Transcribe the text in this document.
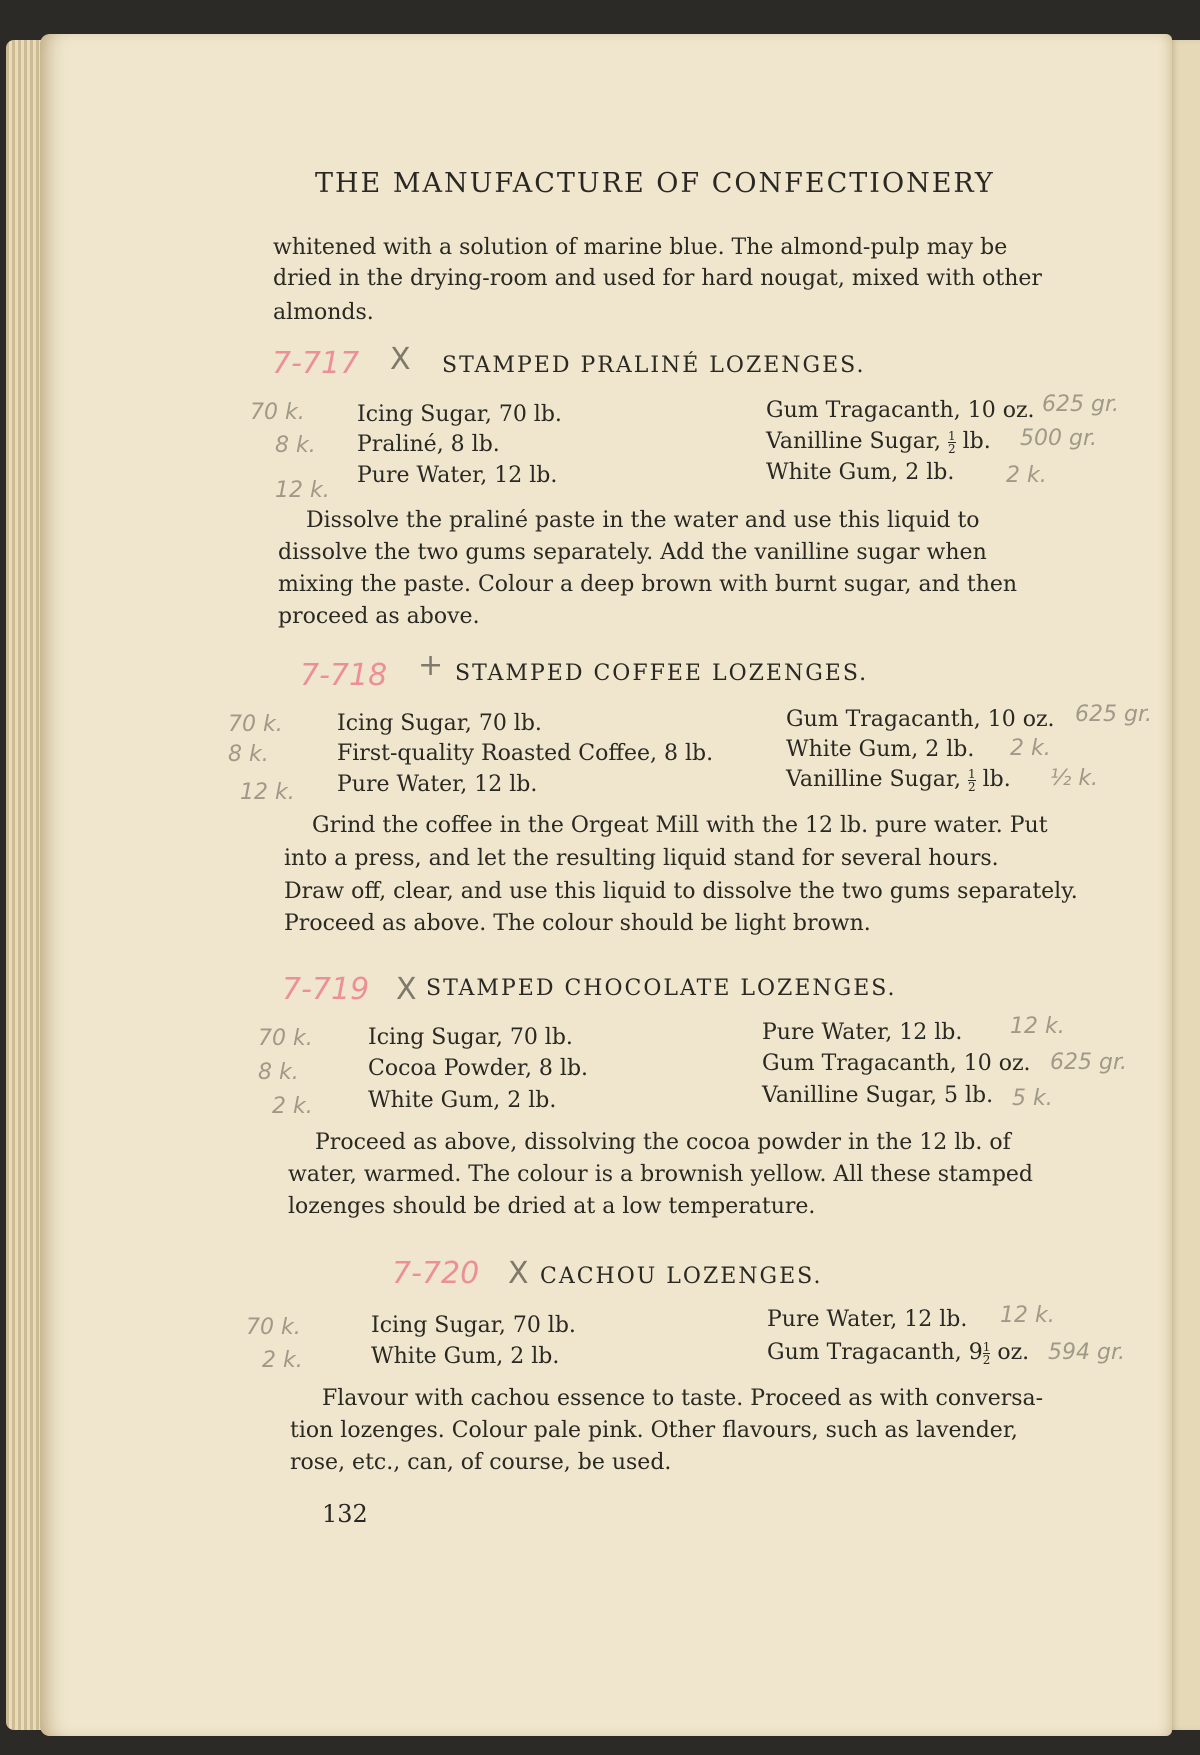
THE MANUFACTURE OF CONFECTIONERY
whitened with a solution of marine blue. The almond-pulp may be
dried in the drying-room and used for hard nougat, mixed with other
almonds.
7-717 X STAMPED PRALINÉ LOZENGES.
70 k.
8 k.
12 k.
Icing Sugar, 70 lb.
Praliné, 8 lb.
Pure Water, 12 lb.
Gum Tragacanth, 10 oz.
Vanilline Sugar, $\frac{1}{2}$ lb.
White Gum, 2 lb.
625 gr.
500 gr.
2 k.
Dissolve the praliné paste in the water and use this liquid to
dissolve the two gums separately. Add the vanilline sugar when
mixing the paste. Colour a deep brown with burnt sugar, and then
proceed as above.
7-718 + STAMPED COFFEE LOZENGES.
70 k.
8 k.
12 k.
Icing Sugar, 70 lb.
First-quality Roasted Coffee, 8 lb.
Pure Water, 12 lb.
Gum Tragacanth, 10 oz.
White Gum, 2 lb.
Vanilline Sugar, $\frac{1}{2}$ lb.
625 gr.
2 k.
½ k.
Grind the coffee in the Orgeat Mill with the 12 lb. pure water. Put
into a press, and let the resulting liquid stand for several hours.
Draw off, clear, and use this liquid to dissolve the two gums separately.
Proceed as above. The colour should be light brown.
7-719 X STAMPED CHOCOLATE LOZENGES.
70 k.
8 k.
2 k.
Icing Sugar, 70 lb.
Cocoa Powder, 8 lb.
White Gum, 2 lb.
Pure Water, 12 lb.
Gum Tragacanth, 10 oz.
Vanilline Sugar, 5 lb.
12 k.
625 gr.
5 k.
Proceed as above, dissolving the cocoa powder in the 12 lb. of
water, warmed. The colour is a brownish yellow. All these stamped
lozenges should be dried at a low temperature.
7-720 X CACHOU LOZENGES.
70 k.
2 k.
Icing Sugar, 70 lb.
White Gum, 2 lb.
Pure Water, 12 lb.
Gum Tragacanth, $9 \frac{1}{2}$ oz.
12 k.
594 gr.
Flavour with cachou essence to taste. Proceed as with conversa-
tion lozenges. Colour pale pink. Other flavours, such as lavender,
rose, etc., can, of course, be used.
132
